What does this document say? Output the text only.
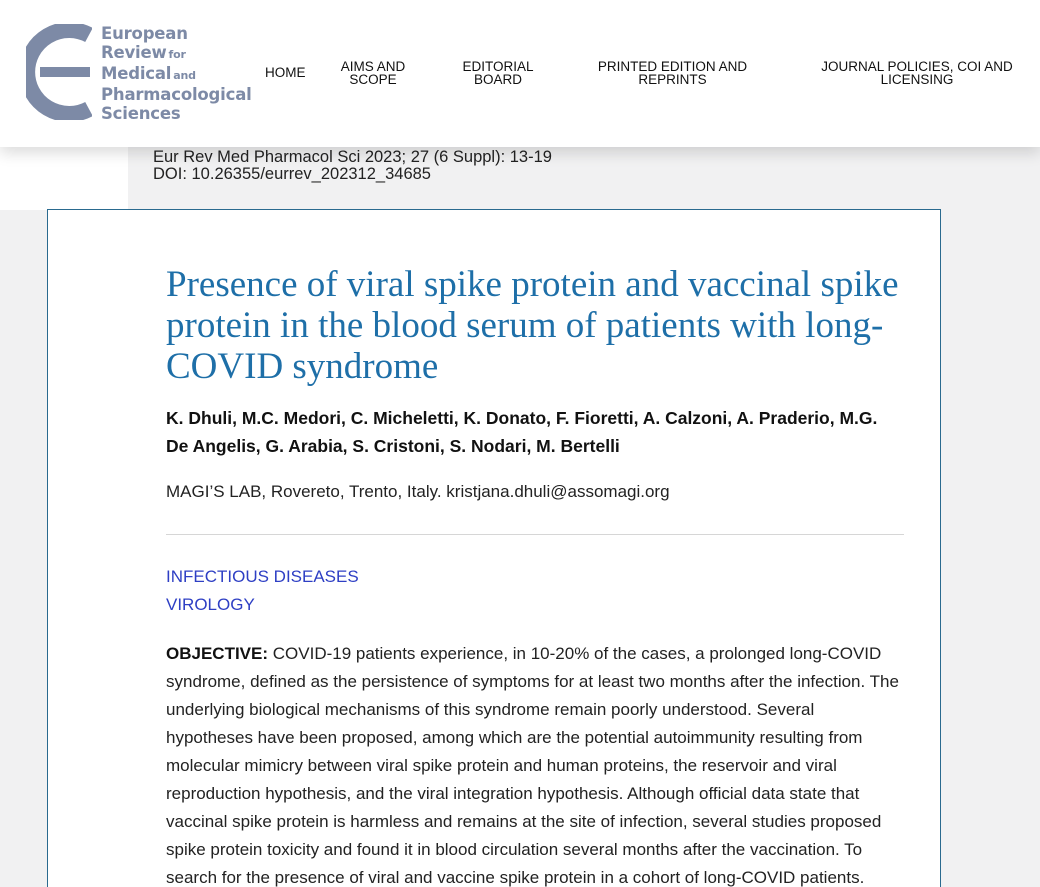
European
Review for
Medical and
Pharmacological
Sciences
HOME	AIMS AND SCOPE
EDITORIAL BOARD
PRINTED EDITION AND REPRINTS
JOURNAL POLICIES, COI AND LICENSING
Eur Rev Med Pharmacol Sci 2023; 27 (6 Suppl): 13-19
DOI: 10.26355/eurrev_202312_34685
Presence of viral spike protein and vaccinal spike protein in the blood serum of patients with long-COVID syndrome
K. Dhuli, M.C. Medori, C. Micheletti, K. Donato, F. Fioretti, A. Calzoni, A. Praderio, M.G. De Angelis, G. Arabia, S. Cristoni, S. Nodari, M. Bertelli
MAGI’S LAB, Rovereto, Trento, Italy. kristjana.dhuli@assomagi.org
INFECTIOUS DISEASES
VIROLOGY

OBJECTIVE: COVID-19 patients experience, in 10-20% of the cases, a prolonged long-COVID syndrome, defined as the persistence of symptoms for at least two months after the infection. The underlying biological mechanisms of this syndrome remain poorly understood. Several hypotheses have been proposed, among which are the potential autoimmunity resulting from molecular mimicry between viral spike protein and human proteins, the reservoir and viral reproduction hypothesis, and the viral integration hypothesis. Although official data state that vaccinal spike protein is harmless and remains at the site of infection, several studies proposed spike protein toxicity and found it in blood circulation several months after the vaccination. To search for the presence of viral and vaccine spike protein in a cohort of long-COVID patients.
